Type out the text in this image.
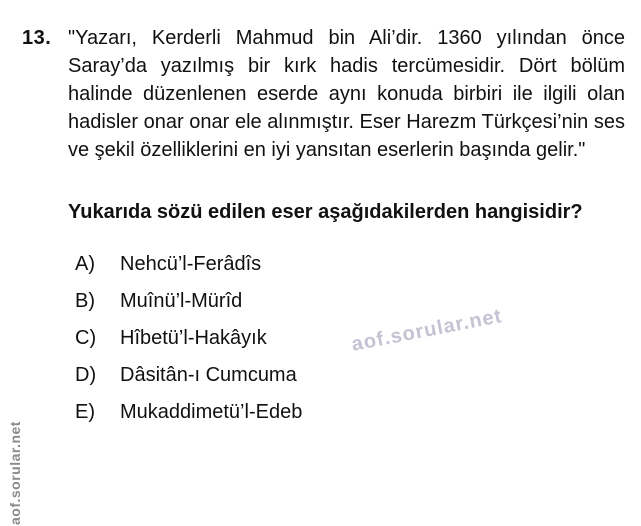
13. "Yazarı, Kerderli Mahmud bin Ali’dir. 1360 yılından önce Saray’da yazılmış bir kırk hadis tercümesidir. Dört bölüm halinde düzenlenen eserde aynı konuda birbiri ile ilgili olan hadisler onar onar ele alınmıştır. Eser Harezm Türkçesi’nin ses ve şekil özelliklerini en iyi yansıtan eserlerin başında gelir."
Yukarıda sözü edilen eser aşağıdakilerden hangisidir?
A)	Nehcü’l-Ferâdîs
B)	Muînü’l-Mürîd
C)	Hîbetü’l-Hakâyık
D)	Dâsitân-ı Cumcuma
E)	Mukaddimetü’l-Edeb
aof.sorular.net
aof.sorular.net
